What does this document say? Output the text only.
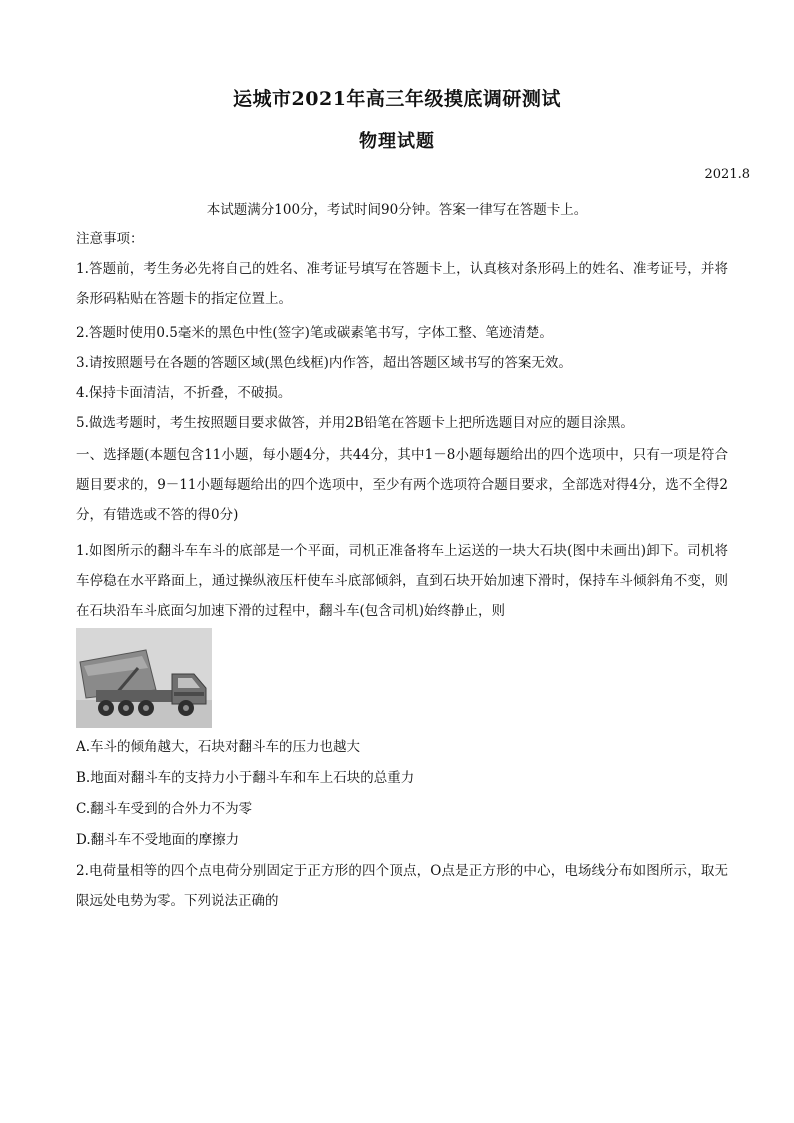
运城市2021年高三年级摸底调研测试
物理试题
2021.8
本试题满分100分，考试时间90分钟。答案一律写在答题卡上。
注意事项：
1.答题前，考生务必先将自己的姓名、准考证号填写在答题卡上，认真核对条形码上的姓名、准考证号，并将条形码粘贴在答题卡的指定位置上。
2.答题时使用0.5毫米的黑色中性(签字)笔或碳素笔书写，字体工整、笔迹清楚。
3.请按照题号在各题的答题区域(黑色线框)内作答，超出答题区域书写的答案无效。
4.保持卡面清洁，不折叠，不破损。
5.做选考题时，考生按照题目要求做答，并用2B铅笔在答题卡上把所选题目对应的题目涂黑。
一、选择题(本题包含11小题，每小题4分，共44分，其中1－8小题每题给出的四个选项中，只有一项是符合题目要求的，9－11小题每题给出的四个选项中，至少有两个选项符合题目要求，全部选对得4分，选不全得2分，有错选或不答的得0分)
1.如图所示的翻斗车车斗的底部是一个平面，司机正准备将车上运送的一块大石块(图中未画出)卸下。司机将车停稳在水平路面上，通过操纵液压杆使车斗底部倾斜，直到石块开始加速下滑时，保持车斗倾斜角不变，则在石块沿车斗底面匀加速下滑的过程中，翻斗车(包含司机)始终静止，则
A.车斗的倾角越大，石块对翻斗车的压力也越大
B.地面对翻斗车的支持力小于翻斗车和车上石块的总重力
C.翻斗车受到的合外力不为零
D.翻斗车不受地面的摩擦力
2.电荷量相等的四个点电荷分别固定于正方形的四个顶点，O点是正方形的中心，电场线分布如图所示，取无限远处电势为零。下列说法正确的
